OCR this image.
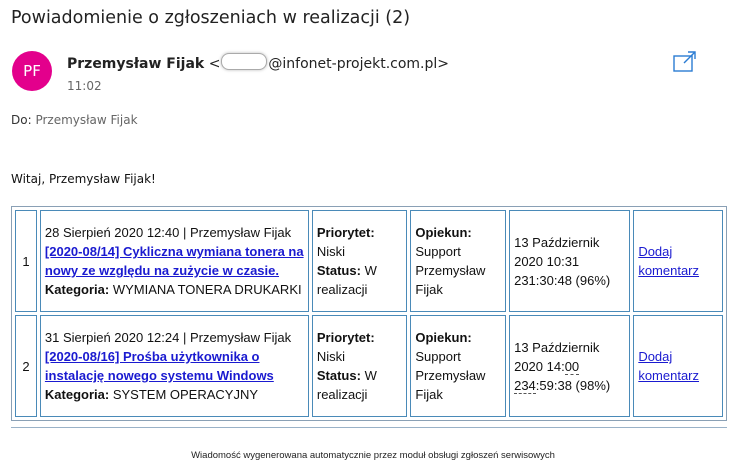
Powiadomienie o zgłoszeniach w realizacji (2)
PF	Przemysław Fijak <	@infonet-projekt.com.pl>
11:02
Do: Przemysław Fijak
Witaj, Przemysław Fijak!
1	28 Sierpień 2020 12:40 | Przemysław Fijak
[2020-08/14] Cykliczna wymiana tonera na nowy ze względu na zużycie w czasie.
Kategoria: WYMIANA TONERA DRUKARKI	Priorytet:
Niski
Status: W realizacji	Opiekun:
Support Przemysław Fijak	13 Październik 2020 10:31
231:30:48 (96%)	Dodaj komentarz
2	31 Sierpień 2020 12:24 | Przemysław Fijak
[2020-08/16] Prośba użytkownika o instalację nowego systemu Windows
Kategoria: SYSTEM OPERACYJNY	Priorytet:
Niski
Status: W realizacji	Opiekun:
Support Przemysław Fijak	13 Październik 2020 14:00
234:59:38 (98%)	Dodaj komentarz
Wiadomość wygenerowana automatycznie przez moduł obsługi zgłoszeń serwisowych
